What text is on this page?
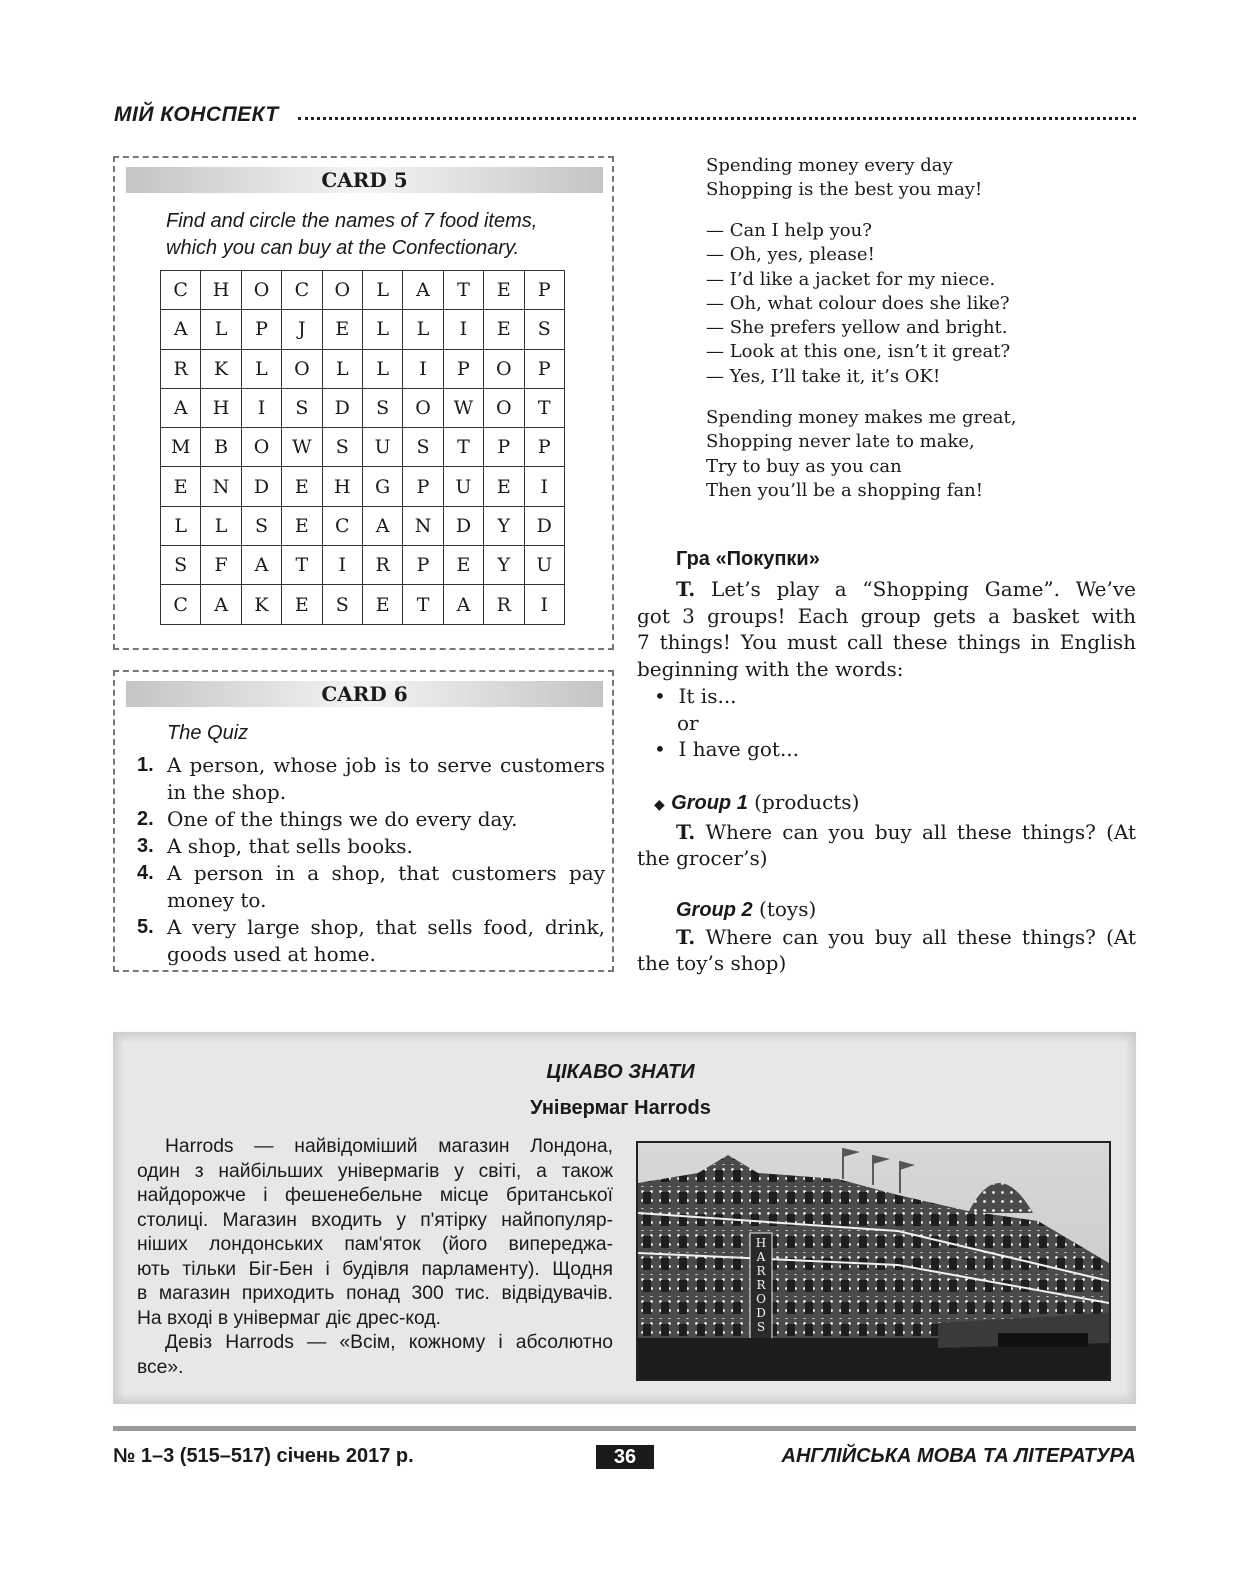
МІЙ КОНСПЕКТ
CARD 5
Find and circle the names of 7 food items,
which you can buy at the Confectionary.
C	H	O	C	O	L	A	T	E	P
A	L	P	J	E	L	L	I	E	S
R	K	L	O	L	L	I	P	O	P
A	H	I	S	D	S	O	W	O	T
M	B	O	W	S	U	S	T	P	P
E	N	D	E	H	G	P	U	E	I
L	L	S	E	C	A	N	D	Y	D
S	F	A	T	I	R	P	E	Y	U
C	A	K	E	S	E	T	A	R	I
CARD 6
The Quiz
1. A person, whose job is to serve customers in the shop.
2. One of the things we do every day.
3. A shop, that sells books.
4. A person in a shop, that customers pay money to.
5. A very large shop, that sells food, drink, goods used at home.
Spending money every day
Shopping is the best you may!
— Can I help you?
— Oh, yes, please!
— I’d like a jacket for my niece.
— Oh, what colour does she like?
— She prefers yellow and bright.
— Look at this one, isn’t it great?
— Yes, I’ll take it, it’s OK!
Spending money makes me great,
Shopping never late to make,
Try to buy as you can
Then you’ll be a shopping fan!
Гра «Покупки»
T. Let’s play a “Shopping Game”. We’ve
got 3 groups! Each group gets a basket with
7 things! You must call these things in English
beginning with the words:
•  It is...
or
•  I have got...
◆ Group 1 (products)
T. Where can you buy all these things? (At
the grocer’s)
Group 2 (toys)
T. Where can you buy all these things? (At
the toy’s shop)
ЦІКАВО ЗНАТИ
Універмаг Harrods
Harrods — найвідоміший магазин Лондона,
один з найбільших універмагів у світі, а також
найдорожче і фешенебельне місце британської
столиці. Магазин входить у п'ятірку найпопуляр-
ніших лондонських пам'яток (його випереджа-
ють тільки Біг-Бен і будівля парламенту). Щодня
в магазин приходить понад 300 тис. відвідувачів.
На вході в універмаг діє дрес-код.
Девіз Harrods — «Всім, кожному і абсолютно
все».
H
A
R
R
O
D
S
№ 1–3 (515–517) січень 2017 р.	36	АНГЛІЙСЬКА МОВА ТА ЛІТЕРАТУРА
